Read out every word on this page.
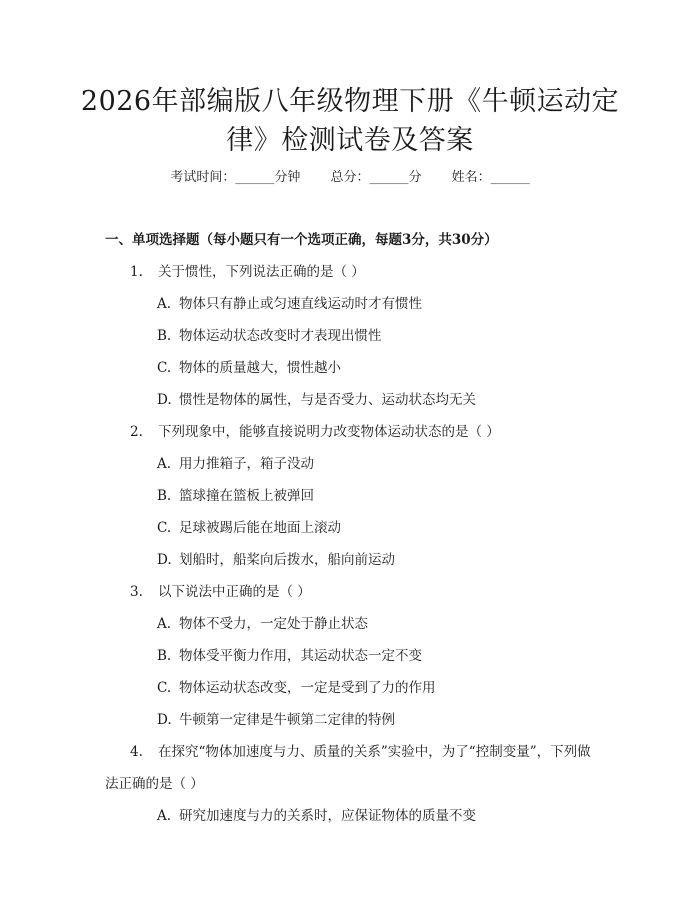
2026年部编版八年级物理下册《牛顿运动定
律》检测试卷及答案
考试时间：______分钟 总分：______分 姓名：______
一、单项选择题（每小题只有一个选项正确，每题3分，共30分）
1. 关于惯性，下列说法正确的是（ ）
A. 物体只有静止或匀速直线运动时才有惯性
B. 物体运动状态改变时才表现出惯性
C. 物体的质量越大，惯性越小
D. 惯性是物体的属性，与是否受力、运动状态均无关
2. 下列现象中，能够直接说明力改变物体运动状态的是（ ）
A. 用力推箱子，箱子没动
B. 篮球撞在篮板上被弹回
C. 足球被踢后能在地面上滚动
D. 划船时，船桨向后拨水，船向前运动
3. 以下说法中正确的是（ ）
A. 物体不受力，一定处于静止状态
B. 物体受平衡力作用，其运动状态一定不变
C. 物体运动状态改变，一定是受到了力的作用
D. 牛顿第一定律是牛顿第二定律的特例

4. 在探究“物体加速度与力、质量的关系”实验中，为了“控制变量”，下列做法正确的是（ ）

A. 研究加速度与力的关系时，应保证物体的质量不变
